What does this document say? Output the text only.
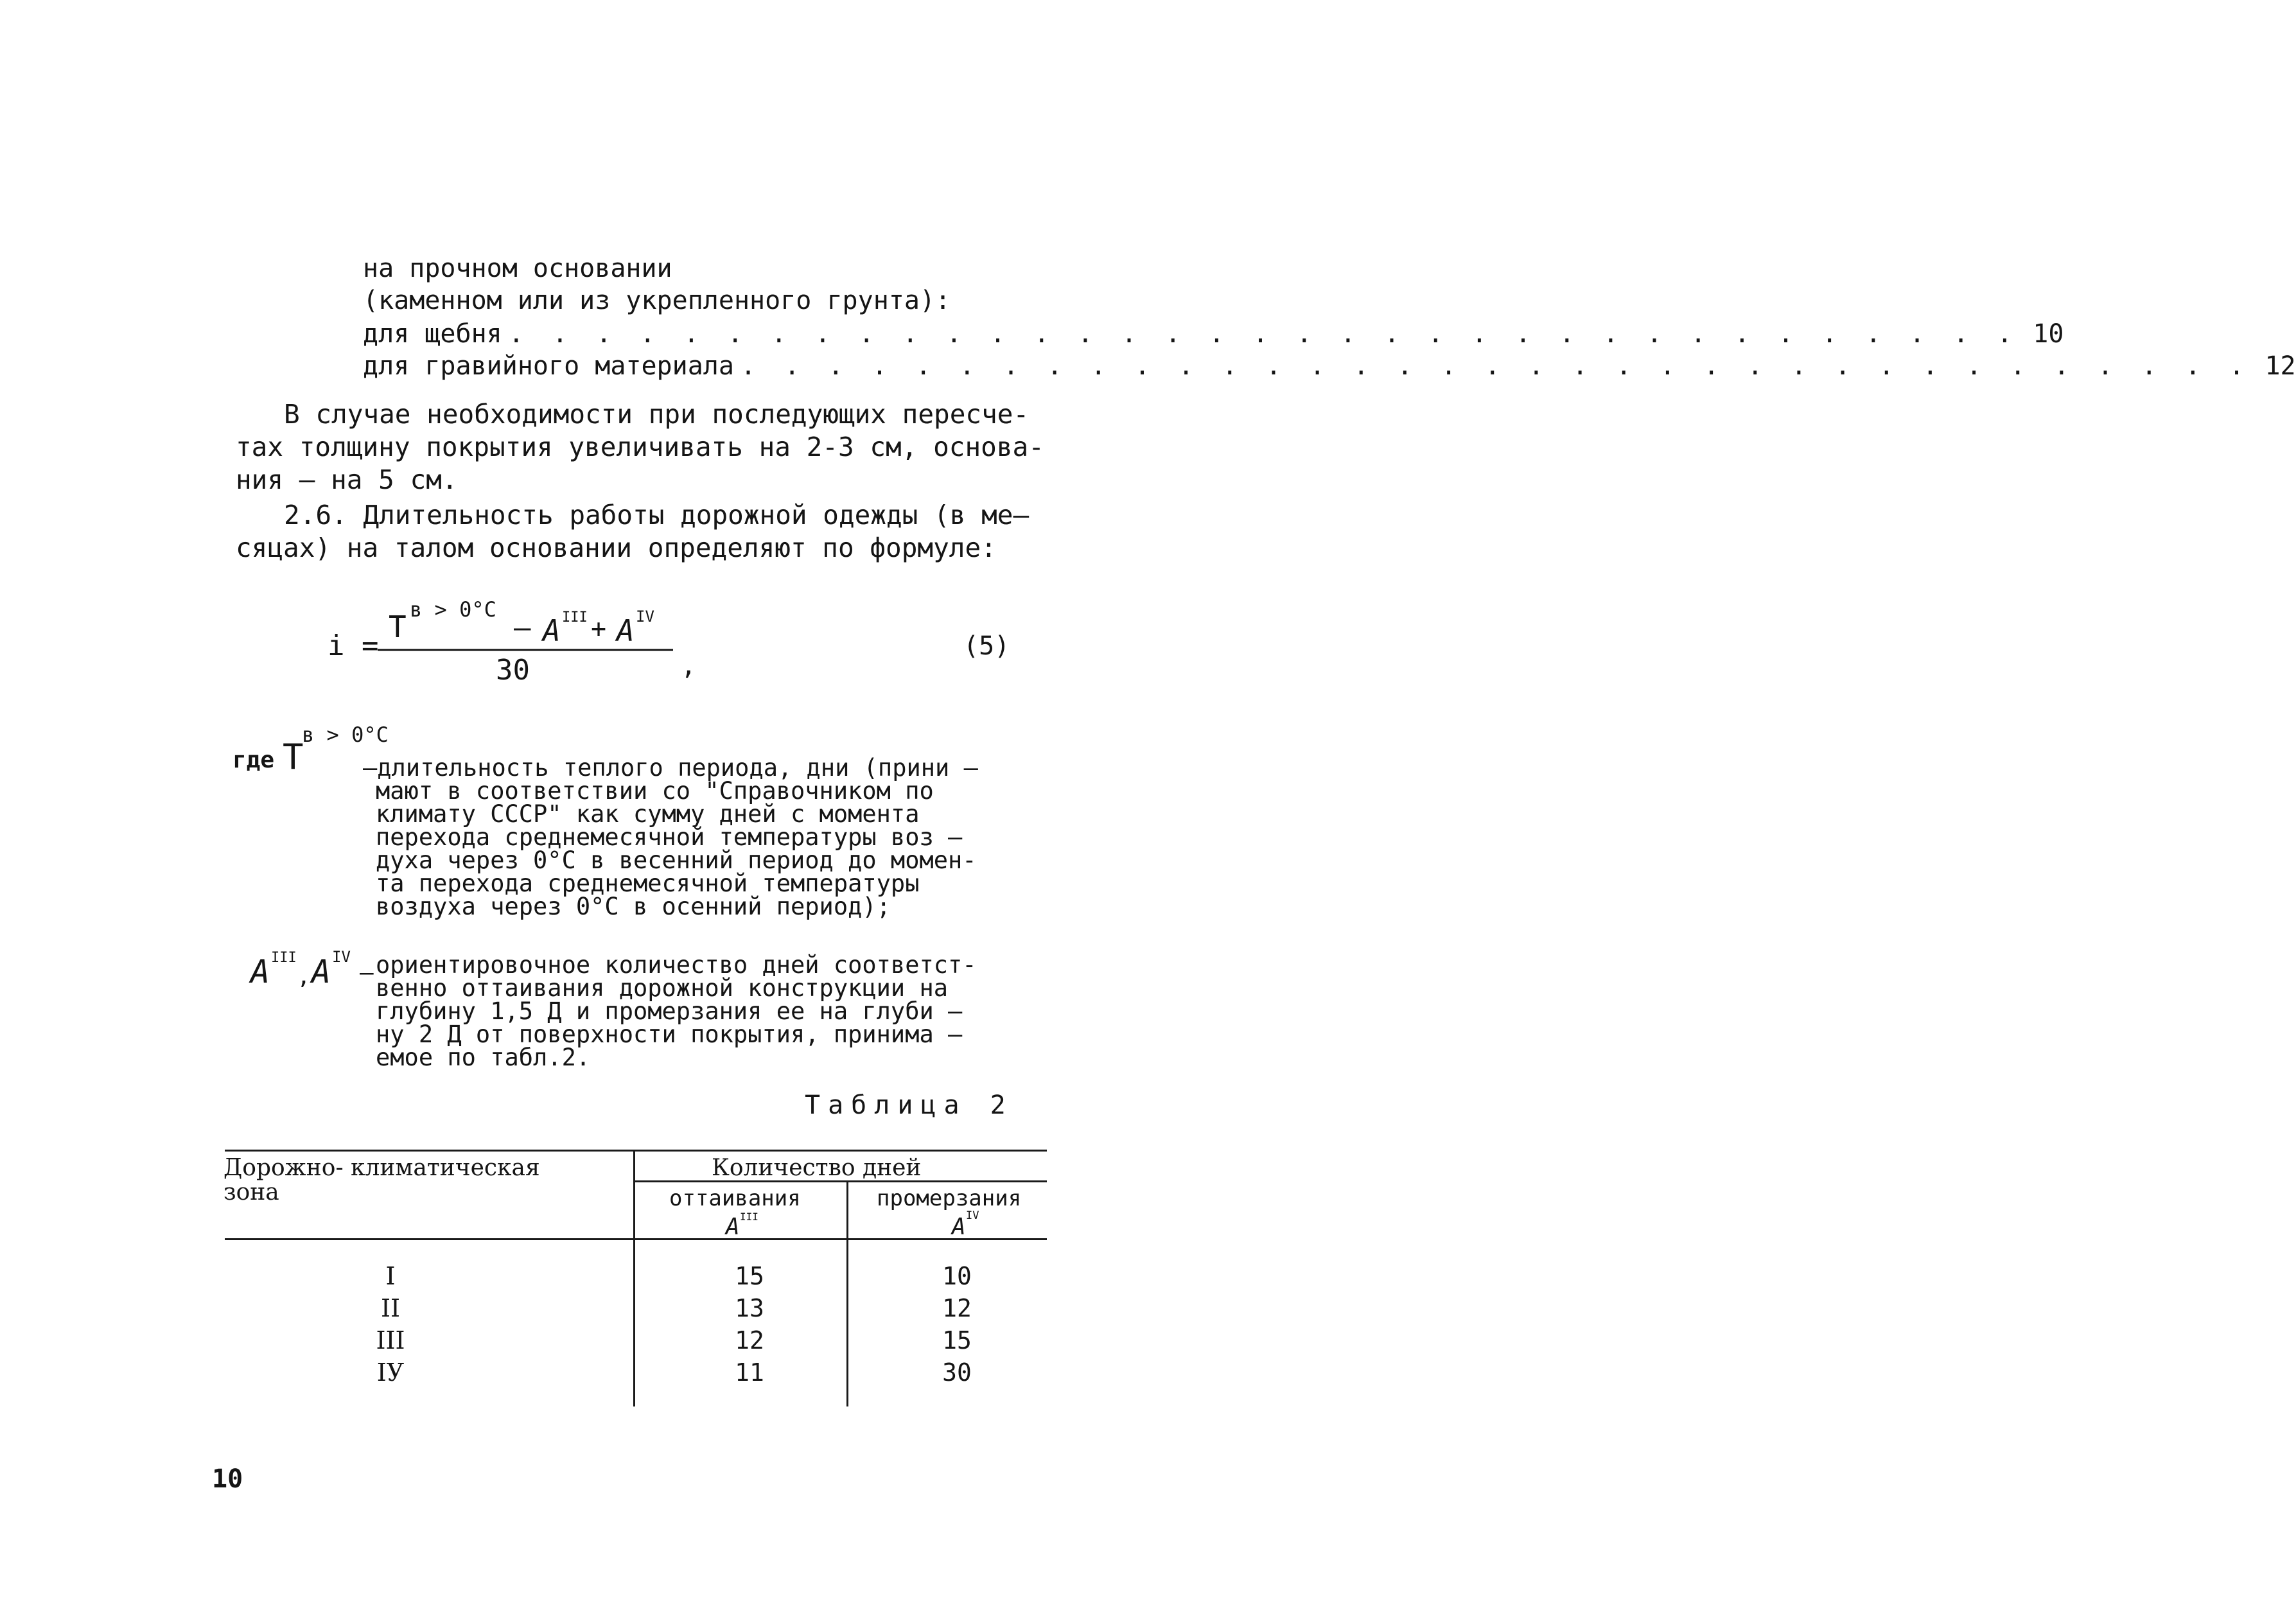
на прочном основании
(каменном или из укрепленного грунта):
для щебня . . . . . . . . . . . . . . . . . . . . . . . . . . . . . . . . . . . 10
для гравийного материала . . . . . . . . . . . . . . . . . . . . . . . . . . . . . . . . . . . 12
В случае необходимости при последующих пересче-
тах толщину покрытия увеличивать на 2-3 см, основа-
ния – на 5 см.
2.6. Длительность работы дорожной одежды (в ме–
сяцах) на талом основании определяют по формуле:
i =
T в > 0°C
– A III + A IV
30	,
(5)
где T
в > 0°C
–длительность теплого периода, дни (прини –
мают в соответствии со "Справочником по
климату СССР" как сумму дней с момента
перехода среднемесячной температуры воз –
духа через 0°С в весенний период до момен-
та перехода среднемесячной температуры
воздуха через 0°С в осенний период);
A III
, A IV
– ориентировочное количество дней соответст-
венно оттаивания дорожной конструкции на
глубину 1,5 Д и промерзания ее на глуби –
ну 2 Д от поверхности покрытия, принима –
емое по табл.2.
Таблица 2
Дорожно- климатическая
зона
Количество дней
оттаивания	промерзания
A III	A IV
I	15	10
II	13	12
III	12	15
IУ	11	30
10
